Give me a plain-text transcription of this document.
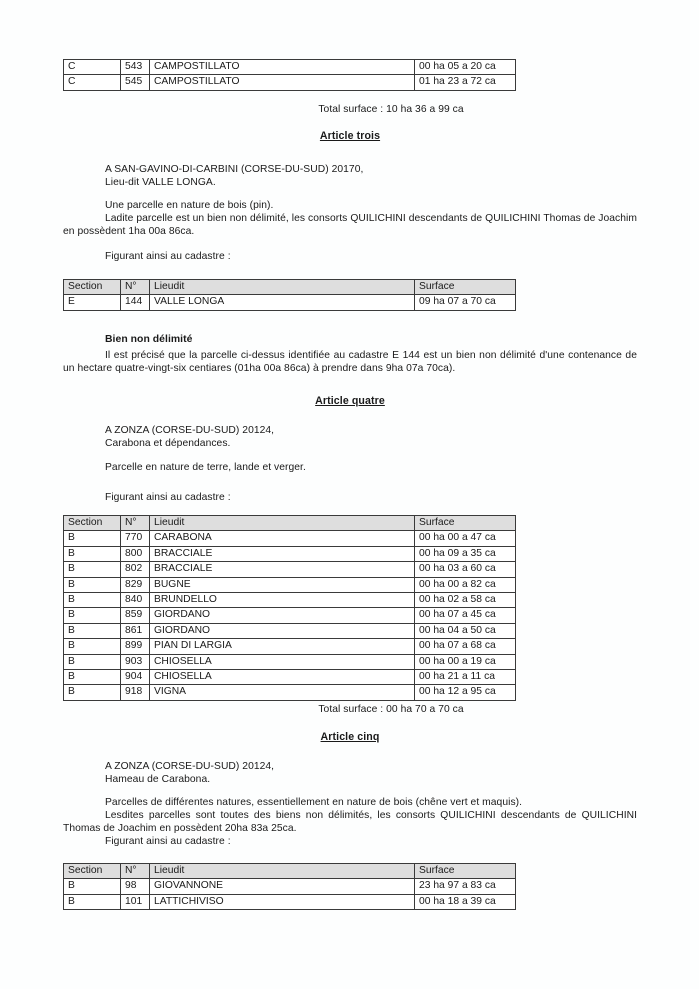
C	543	CAMPOSTILLATO	00 ha 05 a 20 ca
C	545	CAMPOSTILLATO	01 ha 23 a 72 ca
Total surface : 10 ha 36 a 99 ca
Article trois
A SAN-GAVINO-DI-CARBINI (CORSE-DU-SUD) 20170,
Lieu-dit VALLE LONGA.
Une parcelle en nature de bois (pin).
Ladite parcelle est un bien non délimité, les consorts QUILICHINI descendants de QUILICHINI Thomas de Joachim en possèdent 1ha 00a 86ca.
Figurant ainsi au cadastre :
Section	N°	Lieudit	Surface
E	144	VALLE LONGA	09 ha 07 a 70 ca
Bien non délimité
Il est précisé que la parcelle ci-dessus identifiée au cadastre E 144 est un bien non délimité d'une contenance de un hectare quatre-vingt-six centiares (01ha 00a 86ca) à prendre dans 9ha 07a 70ca).
Article quatre
A ZONZA (CORSE-DU-SUD) 20124,
Carabona et dépendances.
Parcelle en nature de terre, lande et verger.
Figurant ainsi au cadastre :
Section	N°	Lieudit	Surface
B	770	CARABONA	00 ha 00 a 47 ca
B	800	BRACCIALE	00 ha 09 a 35 ca
B	802	BRACCIALE	00 ha 03 a 60 ca
B	829	BUGNE	00 ha 00 a 82 ca
B	840	BRUNDELLO	00 ha 02 a 58 ca
B	859	GIORDANO	00 ha 07 a 45 ca
B	861	GIORDANO	00 ha 04 a 50 ca
B	899	PIAN DI LARGIA	00 ha 07 a 68 ca
B	903	CHIOSELLA	00 ha 00 a 19 ca
B	904	CHIOSELLA	00 ha 21 a 11 ca
B	918	VIGNA	00 ha 12 a 95 ca
Total surface : 00 ha 70 a 70 ca
Article cinq
A ZONZA (CORSE-DU-SUD) 20124,
Hameau de Carabona.
Parcelles de différentes natures, essentiellement en nature de bois (chêne vert et maquis).
Lesdites parcelles sont toutes des biens non délimités, les consorts QUILICHINI descendants de QUILICHINI Thomas de Joachim en possèdent 20ha 83a 25ca.
Figurant ainsi au cadastre :
Section	N°	Lieudit	Surface
B	98	GIOVANNONE	23 ha 97 a 83 ca
B	101	LATTICHIVISO	00 ha 18 a 39 ca
